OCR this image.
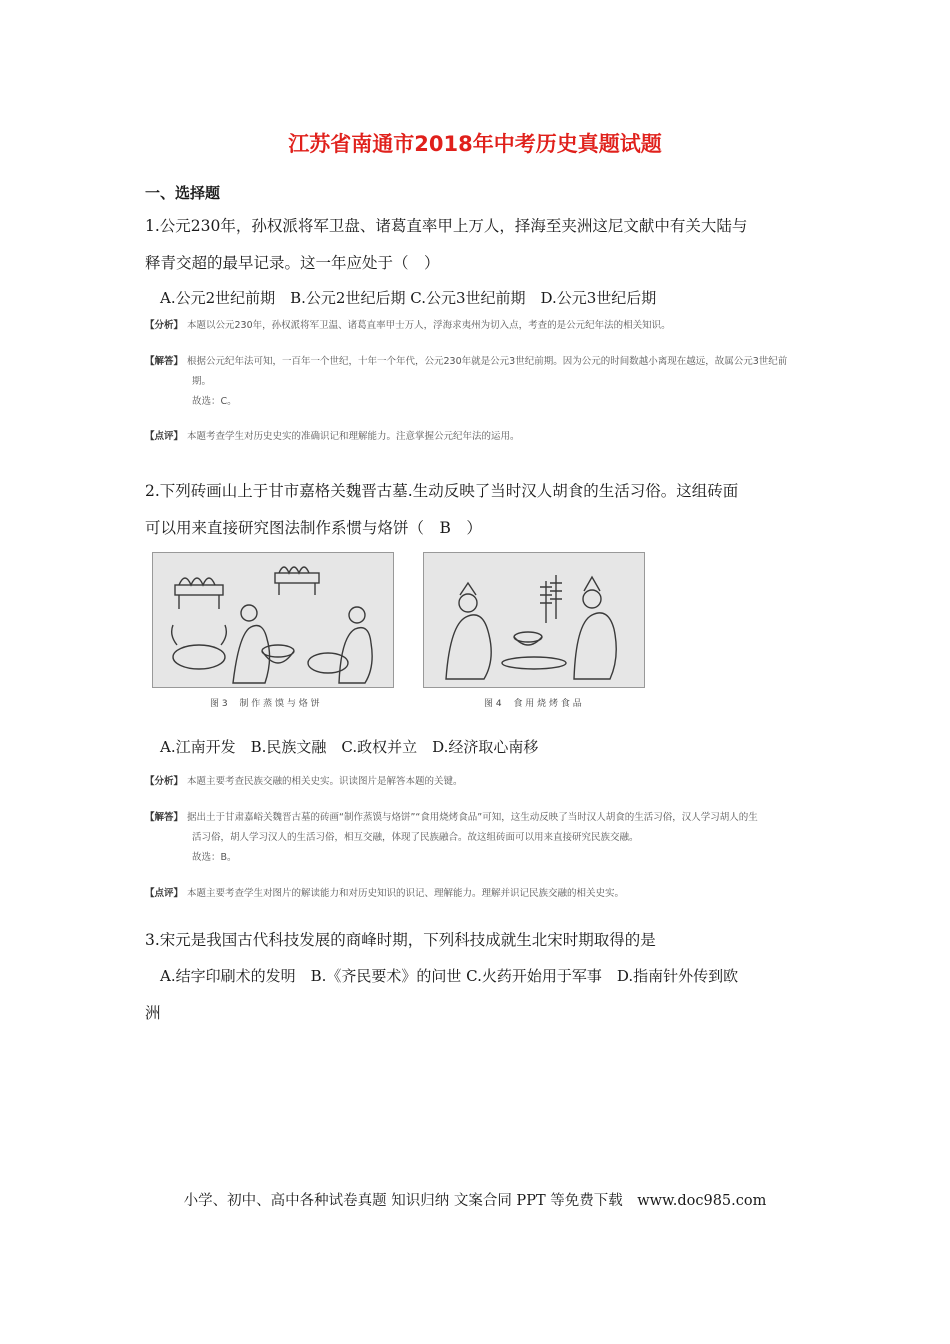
江苏省南通市2018年中考历史真题试题
一、选择题
1.公元230年，孙权派将军卫盘、诸葛直率甲上万人，择海至夹洲这尼文献中有关大陆与
释青交超的最早记录。这一年应处于（　）
A.公元2世纪前期　B.公元2世纪后期 C.公元3世纪前期　D.公元3世纪后期
【分析】 本题以公元230年，孙权派将军卫温、诸葛直率甲士万人，浮海求夷州为切入点，考查的是公元纪年法的相关知识。
【解答】 根据公元纪年法可知，一百年一个世纪，十年一个年代，公元230年就是公元3世纪前期。因为公元的时间数越小离现在越远，故属公元3世纪前
期。
故选：C。
【点评】 本题考查学生对历史史实的准确识记和理解能力。注意掌握公元纪年法的运用。
2.下列砖画山上于甘市嘉格关魏晋古墓.生动反映了当时汉人胡食的生活习俗。这组砖面
可以用来直接研究图法制作系惯与烙饼（　B　）
图 3　 制 作 蒸 馍 与 烙 饼	图 4　 食 用 烧 烤 食 品
A.江南开发　B.民族文融　C.政权并立　D.经济取心南移
【分析】 本题主要考查民族交融的相关史实。识读图片是解答本题的关键。
【解答】 据出土于甘肃嘉峪关魏晋古墓的砖画“制作蒸馍与烙饼”“食用烧烤食品”可知，这生动反映了当时汉人胡食的生活习俗，汉人学习胡人的生
活习俗，胡人学习汉人的生活习俗，相互交融，体现了民族融合。故这组砖面可以用来直接研究民族交融。
故选：B。
【点评】 本题主要考查学生对图片的解读能力和对历史知识的识记、理解能力。理解并识记民族交融的相关史实。
3.宋元是我国古代科技发展的商峰时期，下列科技成就生北宋时期取得的是
A.结字印刷术的发明　B.《齐民要术》的问世 C.火药开始用于军事　D.指南针外传到欧
洲
小学、初中、高中各种试卷真题 知识归纳 文案合同 PPT 等免费下载　www.doc985.com
